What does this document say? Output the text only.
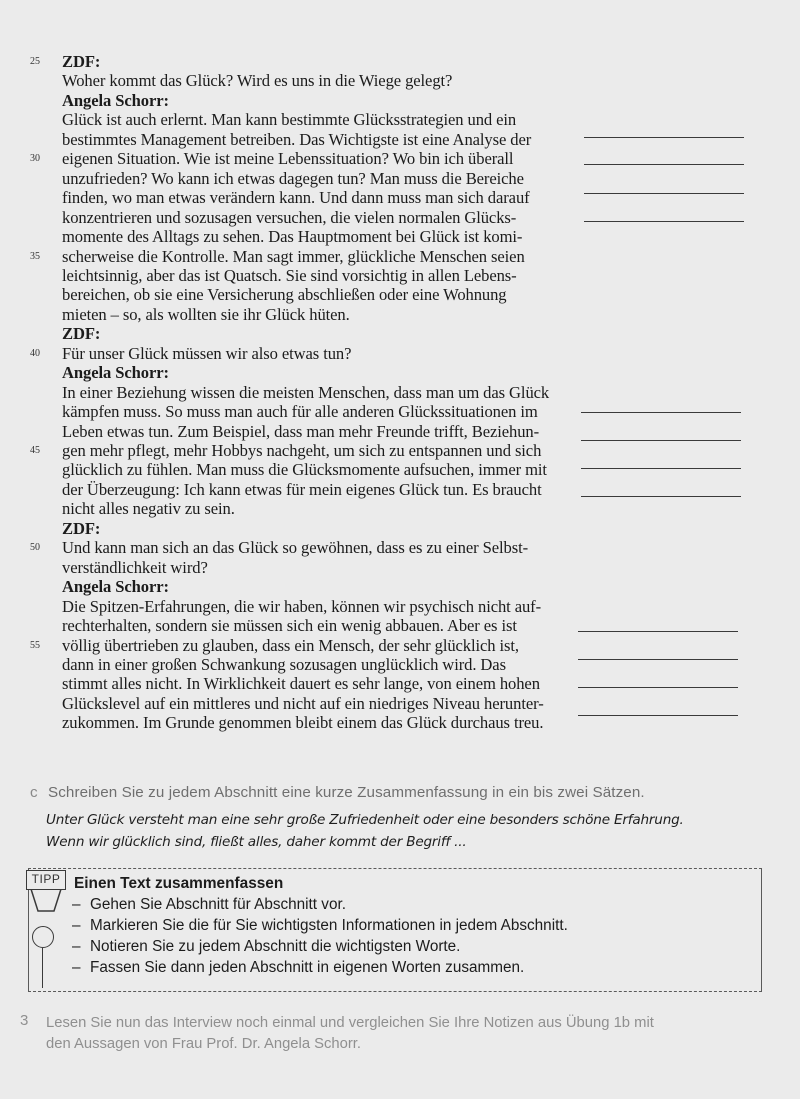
25 ZDF:
Woher kommt das Glück? Wird es uns in die Wiege gelegt?
Angela Schorr:
Glück ist auch erlernt. Man kann bestimmte Glücksstrategien und ein
bestimmtes Management betreiben. Das Wichtigste ist eine Analyse der
30 eigenen Situation. Wie ist meine Lebenssituation? Wo bin ich überall
unzufrieden? Wo kann ich etwas dagegen tun? Man muss die Bereiche
finden, wo man etwas verändern kann. Und dann muss man sich darauf
konzentrieren und sozusagen versuchen, die vielen normalen Glücks-
momente des Alltags zu sehen. Das Hauptmoment bei Glück ist komi-
35 scherweise die Kontrolle. Man sagt immer, glückliche Menschen seien
leichtsinnig, aber das ist Quatsch. Sie sind vorsichtig in allen Lebens-
bereichen, ob sie eine Versicherung abschließen oder eine Wohnung
mieten – so, als wollten sie ihr Glück hüten.
ZDF:
40 Für unser Glück müssen wir also etwas tun?
Angela Schorr:
In einer Beziehung wissen die meisten Menschen, dass man um das Glück
kämpfen muss. So muss man auch für alle anderen Glückssituationen im
Leben etwas tun. Zum Beispiel, dass man mehr Freunde trifft, Beziehun-
45 gen mehr pflegt, mehr Hobbys nachgeht, um sich zu entspannen und sich
glücklich zu fühlen. Man muss die Glücksmomente aufsuchen, immer mit
der Überzeugung: Ich kann etwas für mein eigenes Glück tun. Es braucht
nicht alles negativ zu sein.
ZDF:
50 Und kann man sich an das Glück so gewöhnen, dass es zu einer Selbst-
verständlichkeit wird?
Angela Schorr:
Die Spitzen-Erfahrungen, die wir haben, können wir psychisch nicht auf-
rechterhalten, sondern sie müssen sich ein wenig abbauen. Aber es ist
55 völlig übertrieben zu glauben, dass ein Mensch, der sehr glücklich ist,
dann in einer großen Schwankung sozusagen unglücklich wird. Das
stimmt alles nicht. In Wirklichkeit dauert es sehr lange, von einem hohen
Glückslevel auf ein mittleres und nicht auf ein niedriges Niveau herunter-
zukommen. Im Grunde genommen bleibt einem das Glück durchaus treu.
c Schreiben Sie zu jedem Abschnitt eine kurze Zusammenfassung in ein bis zwei Sätzen.
Unter Glück versteht man eine sehr große Zufriedenheit oder eine besonders schöne Erfahrung.
Wenn wir glücklich sind, fließt alles, daher kommt der Begriff ...
TIPP Einen Text zusammenfassen
– Gehen Sie Abschnitt für Abschnitt vor.
– Markieren Sie die für Sie wichtigsten Informationen in jedem Abschnitt.
– Notieren Sie zu jedem Abschnitt die wichtigsten Worte.
– Fassen Sie dann jeden Abschnitt in eigenen Worten zusammen.
3 Lesen Sie nun das Interview noch einmal und vergleichen Sie Ihre Notizen aus Übung 1b mit
den Aussagen von Frau Prof. Dr. Angela Schorr.
